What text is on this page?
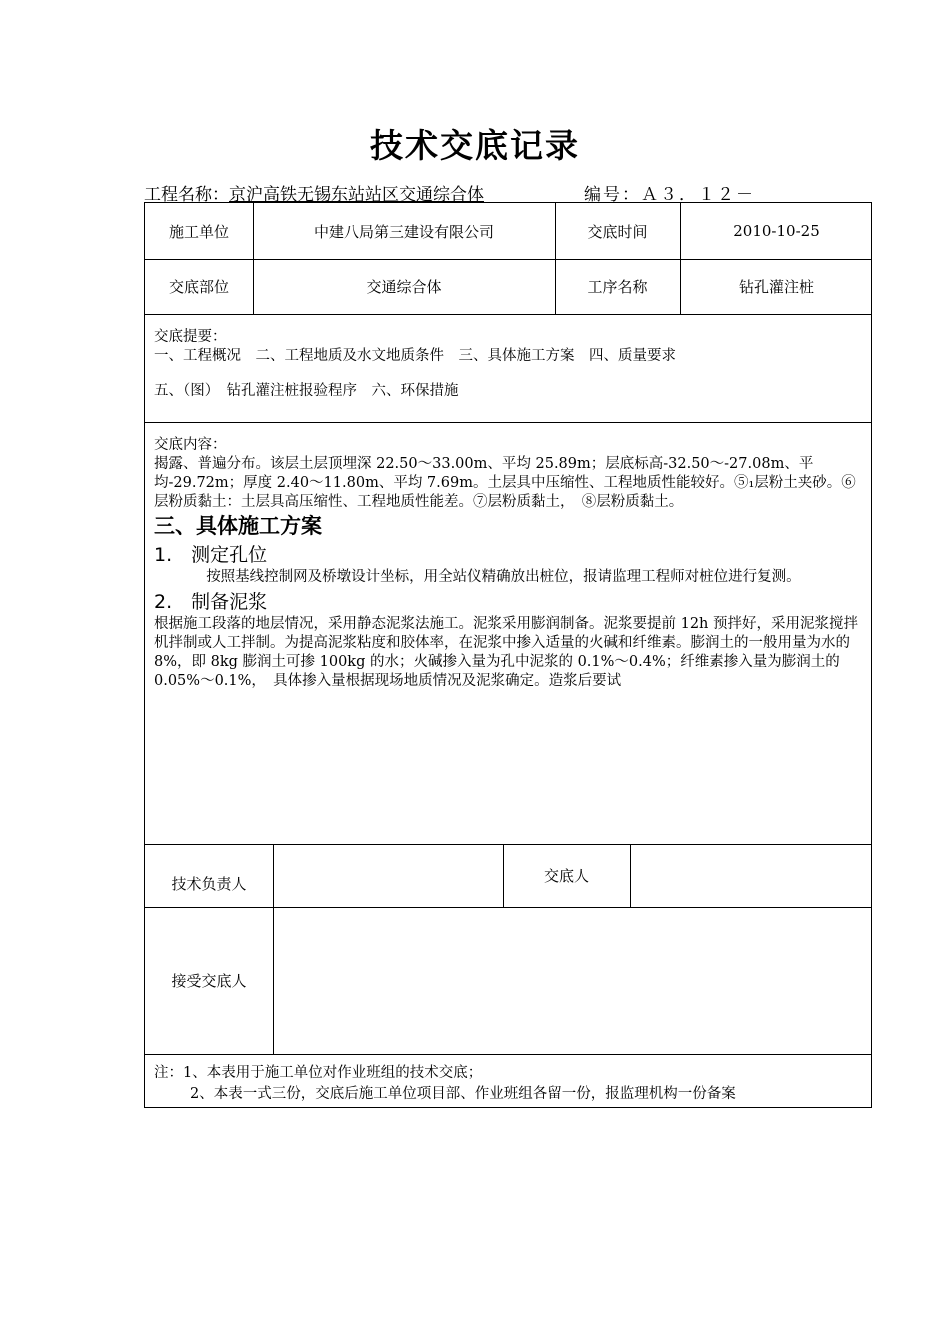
技术交底记录
工程名称：京沪高铁无锡东站站区交通综合体	编号：Ａ３．１２－
施工单位	中建八局第三建设有限公司	交底时间	2010-10-25
交底部位	交通综合体	工序名称	钻孔灌注桩
交底提要：
一、工程概况　二、工程地质及水文地质条件　三、具体施工方案　四、质量要求
五、（图）　钻孔灌注桩报验程序　六、环保措施
交底内容：

揭露、普遍分布。该层土层顶埋深 22.50～33.00m、平均 25.89m；层底标高-32.50～-27.08m、平均-29.72m；厚度 2.40～11.80m、平均 7.69m。土层具中压缩性、工程地质性能较好。⑤₁层粉土夹砂。⑥层粉质黏土：土层具高压缩性、工程地质性能差。⑦层粉质黏土，　⑧层粉质黏土。

三、具体施工方案

1.　测定孔位

按照基线控制网及桥墩设计坐标，用全站仪精确放出桩位，报请监理工程师对桩位进行复测。

2.　制备泥浆

根据施工段落的地层情况，采用静态泥浆法施工。泥浆采用膨润制备。泥浆要提前 12h 预拌好，采用泥浆搅拌机拌制或人工拌制。为提高泥浆粘度和胶体率，在泥浆中掺入适量的火碱和纤维素。膨润土的一般用量为水的 8%，即 8kg 膨润土可掺 100kg 的水；火碱掺入量为孔中泥浆的 0.1%～0.4%；纤维素掺入量为膨润土的 0.05%～0.1%，　具体掺入量根据现场地质情况及泥浆确定。造浆后要试

技术负责人	交底人
接受交底人
注：1、本表用于施工单位对作业班组的技术交底；
2、本表一式三份，交底后施工单位项目部、作业班组各留一份，报监理机构一份备案
